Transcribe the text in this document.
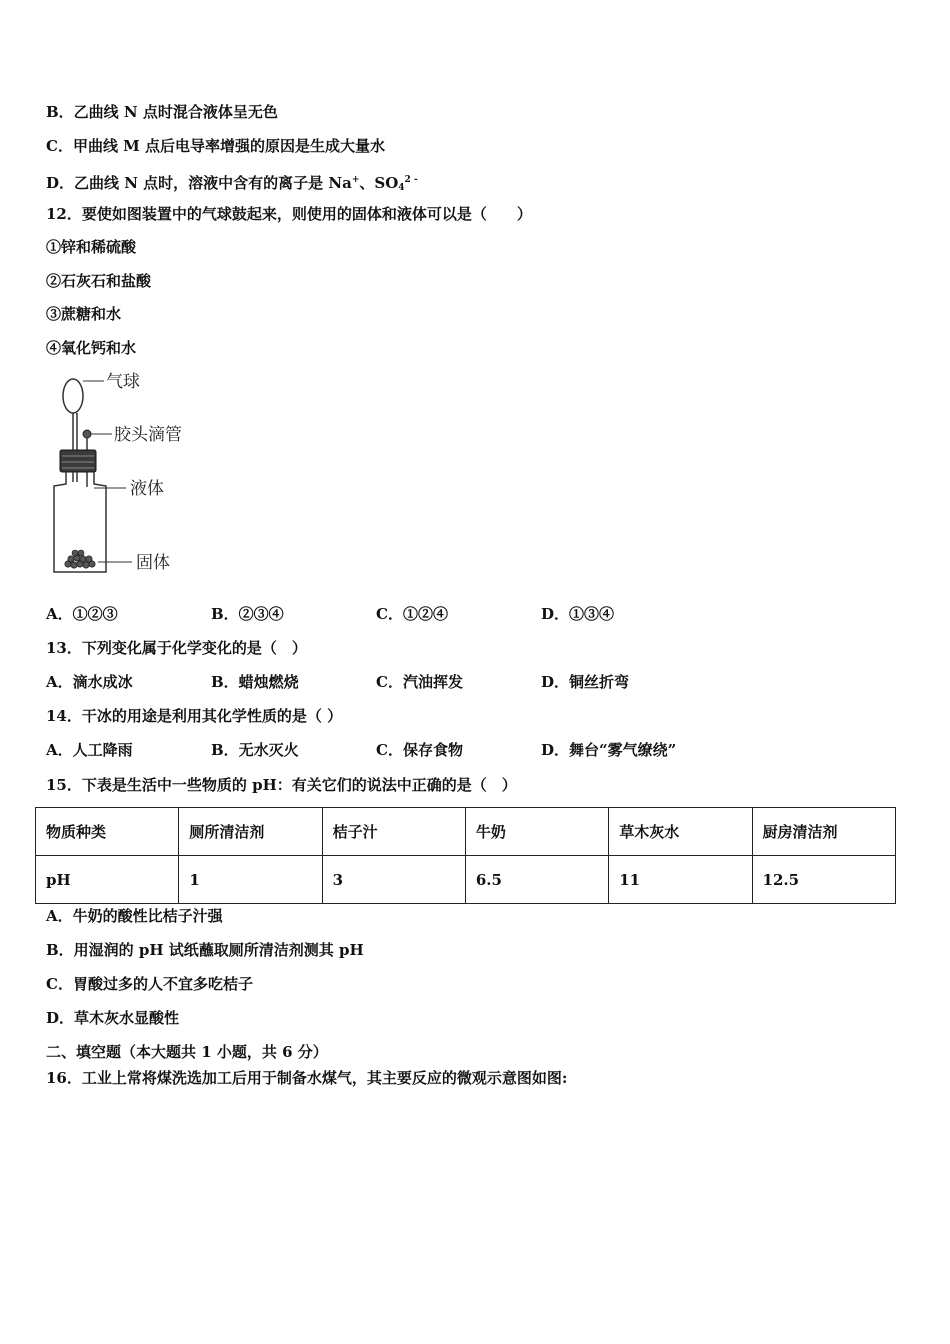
B．乙曲线 N 点时混合液体呈无色
C．甲曲线 M 点后电导率增强的原因是生成大量水
D．乙曲线 N 点时，溶液中含有的离子是 Na+、$SO_4^{2 -}$
12．要使如图装置中的气球鼓起来，则使用的固体和液体可以是（　　）
①锌和稀硫酸
②石灰石和盐酸
③蔗糖和水
④氧化钙和水
气球
胶头滴管
液体
固体
A．①②③	B．②③④	C．①②④	D．①③④
13．下列变化属于化学变化的是（　）
A．滴水成冰	B．蜡烛燃烧	C．汽油挥发	D．铜丝折弯
14．干冰的用途是利用其化学性质的是（ ）
A．人工降雨	B．无水灭火	C．保存食物	D．舞台“雾气缭绕”
15．下表是生活中一些物质的 pH：有关它们的说法中正确的是（　）
物质种类	厕所清洁剂	桔子汁	牛奶	草木灰水	厨房清洁剂
pH	1	3	6.5	11	12.5
A．牛奶的酸性比桔子汁强
B．用湿润的 pH 试纸蘸取厕所清洁剂测其 pH
C．胃酸过多的人不宜多吃桔子
D．草木灰水显酸性
二、填空题（本大题共 1 小题，共 6 分）
16．工业上常将煤洗选加工后用于制备水煤气，其主要反应的微观示意图如图:
